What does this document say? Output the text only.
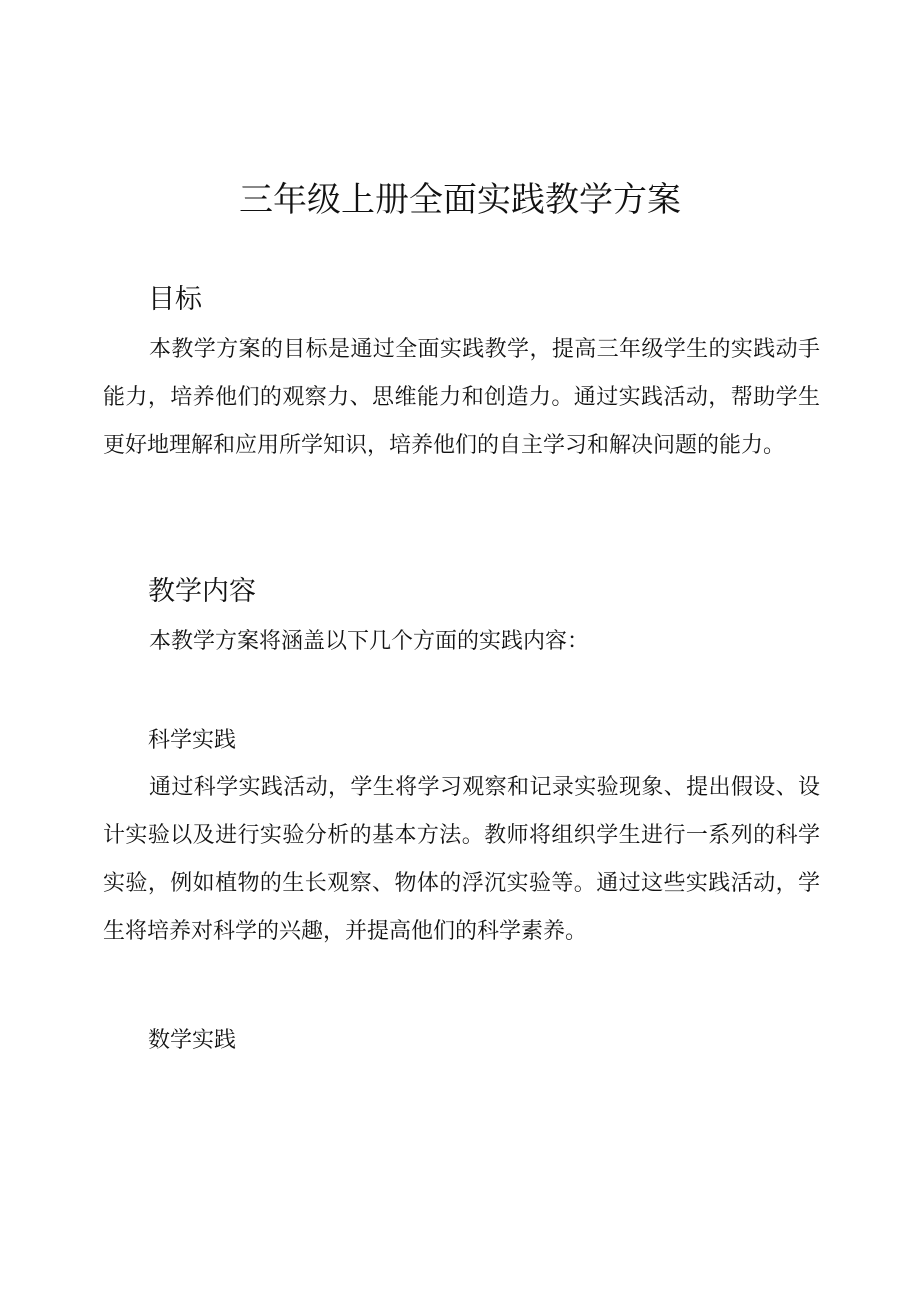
三年级上册全面实践教学方案
目标

本教学方案的目标是通过全面实践教学，提高三年级学生的实践动手能力，培养他们的观察力、思维能力和创造力。通过实践活动，帮助学生更好地理解和应用所学知识，培养他们的自主学习和解决问题的能力。

教学内容

本教学方案将涵盖以下几个方面的实践内容：

科学实践

通过科学实践活动，学生将学习观察和记录实验现象、提出假设、设计实验以及进行实验分析的基本方法。教师将组织学生进行一系列的科学实验，例如植物的生长观察、物体的浮沉实验等。通过这些实践活动，学生将培养对科学的兴趣，并提高他们的科学素养。

数学实践
